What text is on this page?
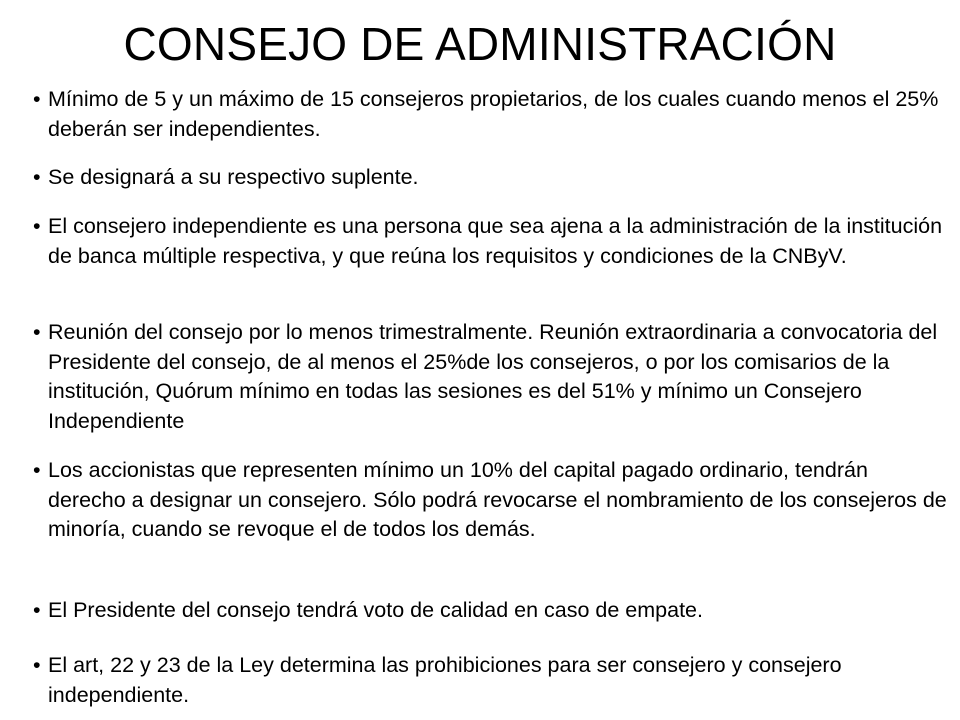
CONSEJO DE ADMINISTRACIÓN
• Mínimo de 5 y un máximo de 15 consejeros propietarios, de los cuales cuando menos el 25% deberán ser independientes.
• Se designará a su respectivo suplente.
• El consejero independiente es una persona que sea ajena a la administración de la institución de banca múltiple respectiva, y que reúna los requisitos y condiciones de la CNByV.
• Reunión del consejo por lo menos trimestralmente. Reunión extraordinaria a convocatoria del Presidente del consejo, de al menos el 25%de los consejeros, o por los comisarios de la institución, Quórum mínimo en todas las sesiones es del 51% y mínimo un Consejero Independiente
• Los accionistas que representen mínimo un 10% del capital pagado ordinario, tendrán derecho a designar un consejero. Sólo podrá revocarse el nombramiento de los consejeros de minoría, cuando se revoque el de todos los demás.
• El Presidente del consejo tendrá voto de calidad en caso de empate.
• El art, 22 y 23 de la Ley determina las prohibiciones para ser consejero y consejero independiente.
